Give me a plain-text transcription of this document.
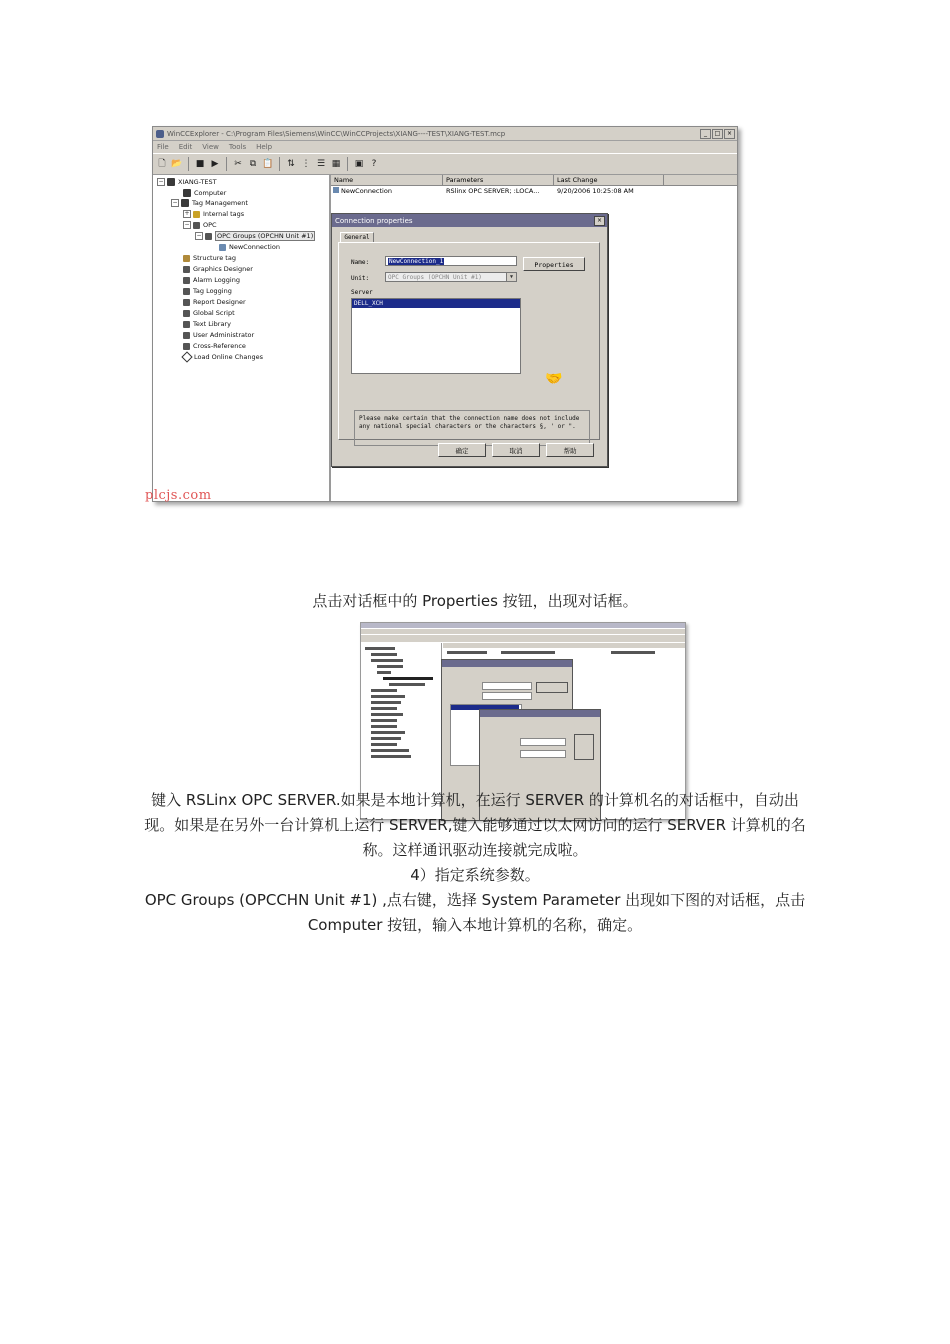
WinCCExplorer - C:\Program Files\Siemens\WinCC\WinCCProjects\XIANG----TEST\XIANG-TEST.mcp	_	□	×
File Edit View Tools Help
🗋 📂 ■ ▶ ✂ ⧉ 📋 ⇅ ⋮ ☰ ▦ ▣ ?
− XIANG-TEST
Computer
− Tag Management
+ Internal tags
− OPC
−	OPC Groups (OPCHN Unit #1)
NewConnection
Structure tag
Graphics Designer
Alarm Logging
Tag Logging
Report Designer
Global Script
Text Library
User Administrator
Cross-Reference
Load Online Changes
Name	Parameters	Last Change
NewConnection	RSlinx OPC SERVER; :LOCA...	9/20/2006 10:25:08 AM
Connection properties	×
General
Name:	NewConnection_1
Unit:	OPC Groups (OPCHN Unit #1)	▼
Properties
Server
DELL_XCH
🤝
Please make certain that the connection name does not include any national special characters or the characters §, ' or ".
确定	取消	帮助
plcjs.com
点击对话框中的 Properties 按钮，出现对话框。
键入 RSLinx OPC SERVER.如果是本地计算机，在运行 SERVER 的计算机名的对话框中，自动出现。如果是在另外一台计算机上运行 SERVER,键入能够通过以太网访问的运行 SERVER 计算机的名称。这样通讯驱动连接就完成啦。
4）指定系统参数。
OPC Groups (OPCCHN Unit #1) ,点右键，选择 System Parameter 出现如下图的对话框，点击 Computer 按钮，输入本地计算机的名称，确定。
